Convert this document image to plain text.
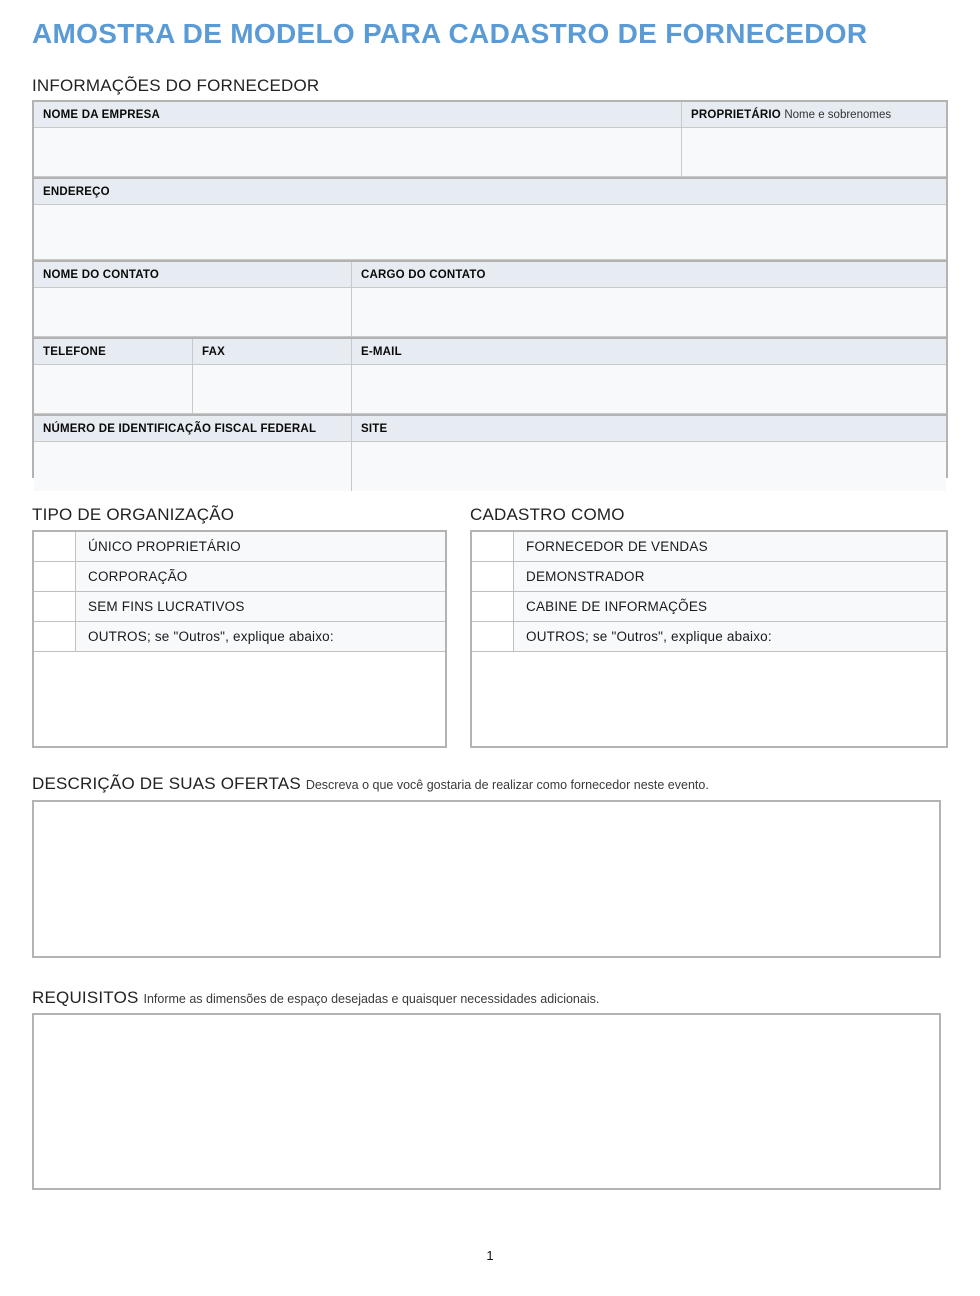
AMOSTRA DE MODELO PARA CADASTRO DE FORNECEDOR
INFORMAÇÕES DO FORNECEDOR
NOME DA EMPRESA	PROPRIETÁRIO Nome e sobrenomes
ENDEREÇO
NOME DO CONTATO	CARGO DO CONTATO
TELEFONE	FAX	E-MAIL
NÚMERO DE IDENTIFICAÇÃO FISCAL FEDERAL	SITE
TIPO DE ORGANIZAÇÃO
ÚNICO PROPRIETÁRIO
CORPORAÇÃO
SEM FINS LUCRATIVOS
OUTROS; se "Outros", explique abaixo:
CADASTRO COMO
FORNECEDOR DE VENDAS
DEMONSTRADOR
CABINE DE INFORMAÇÕES
OUTROS; se "Outros", explique abaixo:
DESCRIÇÃO DE SUAS OFERTAS Descreva o que você gostaria de realizar como fornecedor neste evento.
REQUISITOS Informe as dimensões de espaço desejadas e quaisquer necessidades adicionais.
1
